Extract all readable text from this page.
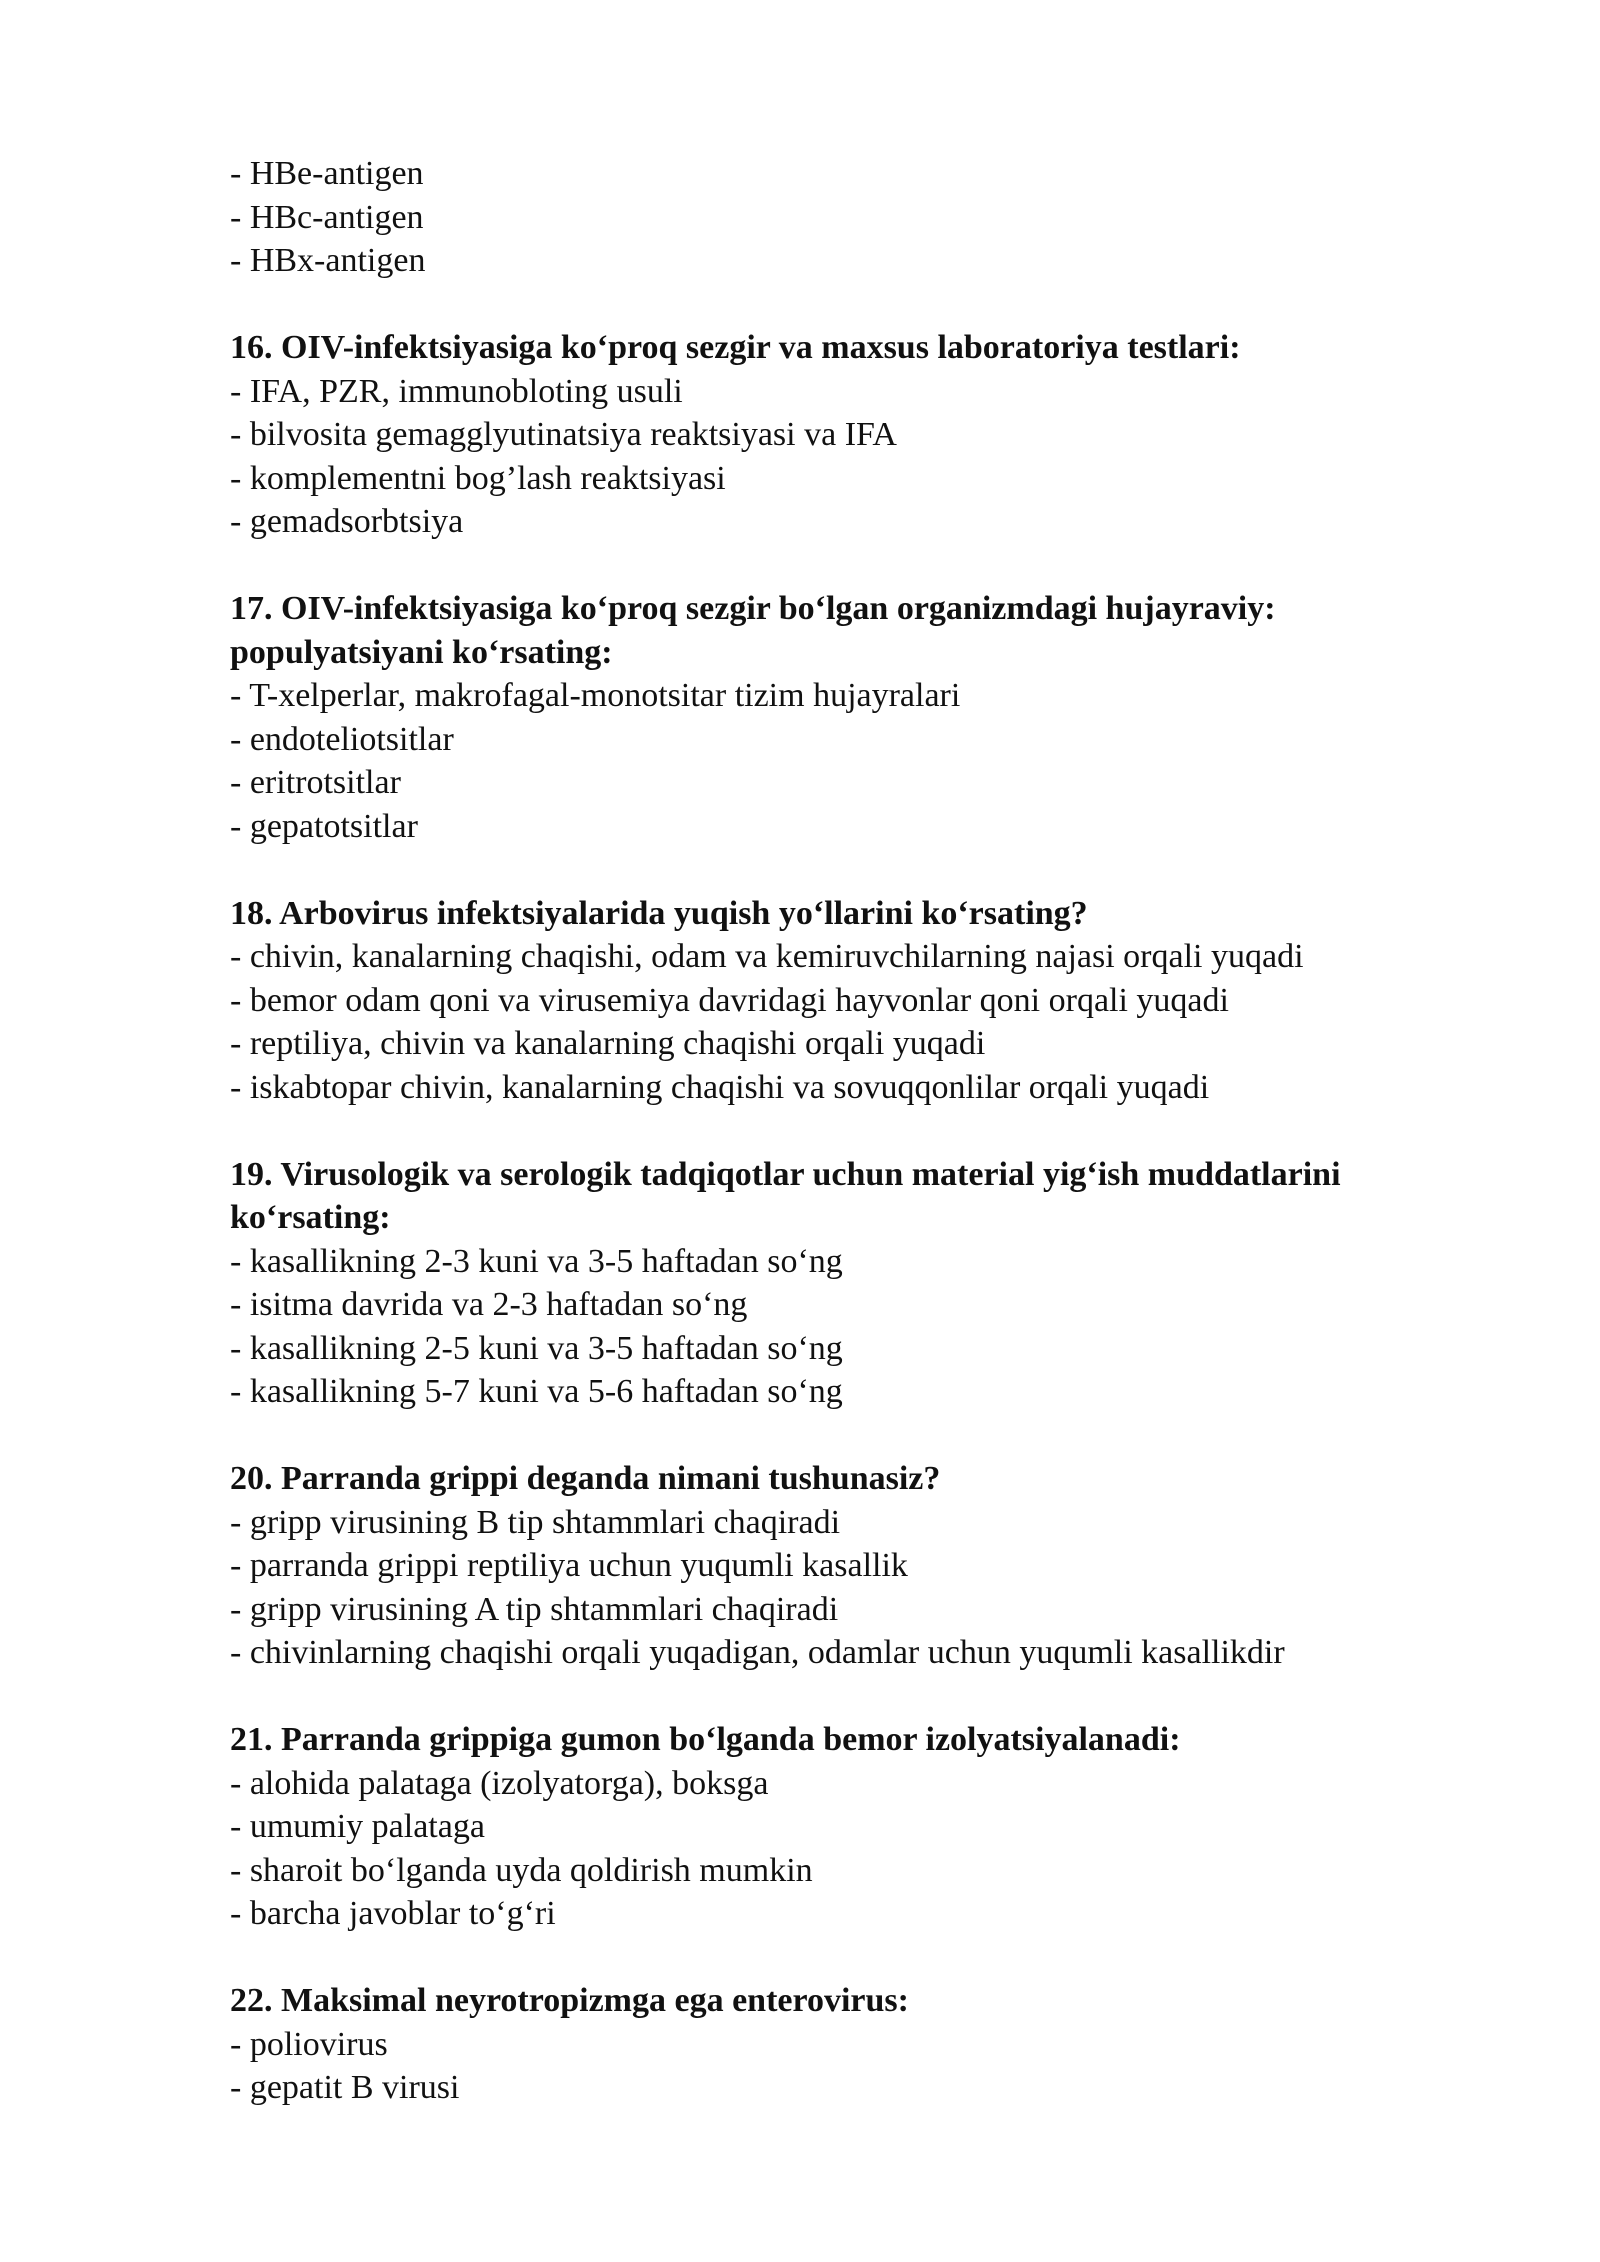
- HBe-antigen
- HBc-antigen
- HBx-antigen
16. OIV-infektsiyasiga ko‘proq sezgir va maxsus laboratoriya testlari:
- IFA, PZR, immunobloting usuli
- bilvosita gemagglyutinatsiya reaktsiyasi va IFA
- komplementni bog’lash reaktsiyasi
- gemadsorbtsiya
17. OIV-infektsiyasiga ko‘proq sezgir bo‘lgan organizmdagi hujayraviy: populyatsiyani ko‘rsating:
- T-xelperlar, makrofagal-monotsitar tizim hujayralari
- endoteliotsitlar
- eritrotsitlar
- gepatotsitlar
18. Arbovirus infektsiyalarida yuqish yo‘llarini ko‘rsating?
- chivin, kanalarning chaqishi, odam va kemiruvchilarning najasi orqali yuqadi
- bemor odam qoni va virusemiya davridagi hayvonlar qoni orqali yuqadi
- reptiliya, chivin va kanalarning chaqishi orqali yuqadi
- iskabtopar chivin, kanalarning chaqishi va sovuqqonlilar orqali yuqadi
19. Virusologik va serologik tadqiqotlar uchun material yig‘ish muddatlarini ko‘rsating:
- kasallikning 2-3 kuni va 3-5 haftadan so‘ng
- isitma davrida va 2-3 haftadan so‘ng
- kasallikning 2-5 kuni va 3-5 haftadan so‘ng
- kasallikning 5-7 kuni va 5-6 haftadan so‘ng
20. Parranda grippi deganda nimani tushunasiz?
- gripp virusining B tip shtammlari chaqiradi
- parranda grippi reptiliya uchun yuqumli kasallik
- gripp virusining A tip shtammlari chaqiradi
- chivinlarning chaqishi orqali yuqadigan, odamlar uchun yuqumli kasallikdir
21. Parranda grippiga gumon bo‘lganda bemor izolyatsiyalanadi:
- alohida palataga (izolyatorga), boksga
- umumiy palataga
- sharoit bo‘lganda uyda qoldirish mumkin
- barcha javoblar to‘g‘ri
22. Maksimal neyrotropizmga ega enterovirus:
- poliovirus
- gepatit B virusi
